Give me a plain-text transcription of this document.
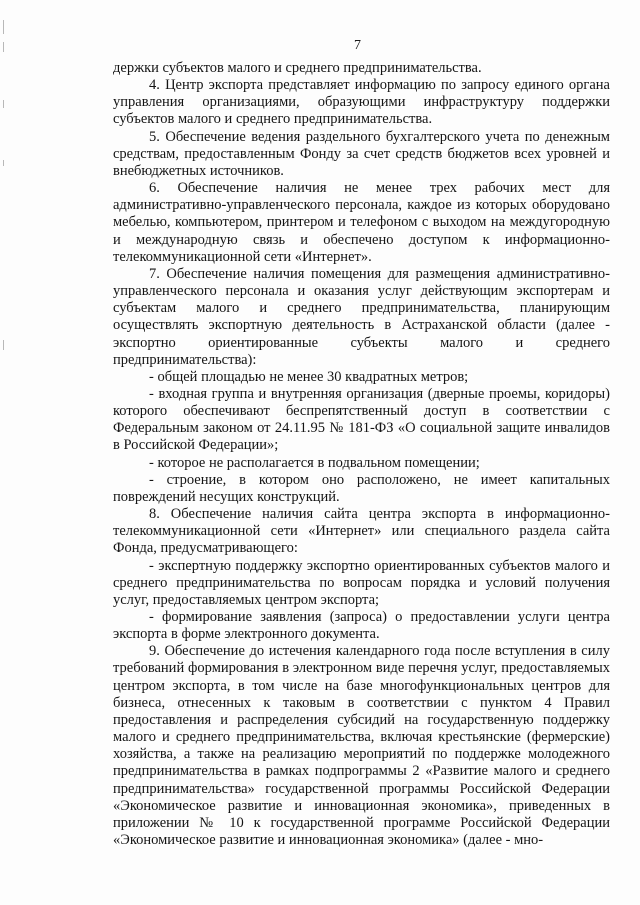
7

держки субъектов малого и среднего предпринимательства.

4. Центр экспорта представляет информацию по запросу единого органа управления организациями, образующими инфраструктуру поддержки субъектов малого и среднего предпринимательства.

5. Обеспечение ведения раздельного бухгалтерского учета по денежным средствам, предоставленным Фонду за счет средств бюджетов всех уровней и внебюджетных источников.

6. Обеспечение наличия не менее трех рабочих мест для административно-управленческого персонала, каждое из которых оборудовано мебелью, компьютером, принтером и телефоном с выходом на междугородную и международную связь и обеспечено доступом к информационно-телекоммуникационной сети «Интернет».

7. Обеспечение наличия помещения для размещения административно-управленческого персонала и оказания услуг действующим экспортерам и субъектам малого и среднего предпринимательства, планирующим осуществлять экспортную деятельность в Астраханской области (далее - экспортно ориентированные субъекты малого и среднего предпринимательства):

- общей площадью не менее 30 квадратных метров;

- входная группа и внутренняя организация (дверные проемы, коридоры) которого обеспечивают беспрепятственный доступ в соответствии с Федеральным законом от 24.11.95 № 181-ФЗ «О социальной защите инвалидов в Российской Федерации»;

- которое не располагается в подвальном помещении;

- строение, в котором оно расположено, не имеет капитальных повреждений несущих конструкций.

8. Обеспечение наличия сайта центра экспорта в информационно-телекоммуникационной сети «Интернет» или специального раздела сайта Фонда, предусматривающего:

- экспертную поддержку экспортно ориентированных субъектов малого и среднего предпринимательства по вопросам порядка и условий получения услуг, предоставляемых центром экспорта;

- формирование заявления (запроса) о предоставлении услуги центра экспорта в форме электронного документа.

9. Обеспечение до истечения календарного года после вступления в силу требований формирования в электронном виде перечня услуг, предоставляемых центром экспорта, в том числе на базе многофункциональных центров для бизнеса, отнесенных к таковым в соответствии с пунктом 4 Правил предоставления и распределения субсидий на государственную поддержку малого и среднего предпринимательства, включая крестьянские (фермерские) хозяйства, а также на реализацию мероприятий по поддержке молодежного предпринимательства в рамках подпрограммы 2 «Развитие малого и среднего предпринимательства» государственной программы Российской Федерации «Экономическое развитие и инновационная экономика», приведенных в приложении № 10 к государственной программе Российской Федерации «Экономическое развитие и инновационная экономика» (далее - мно-
